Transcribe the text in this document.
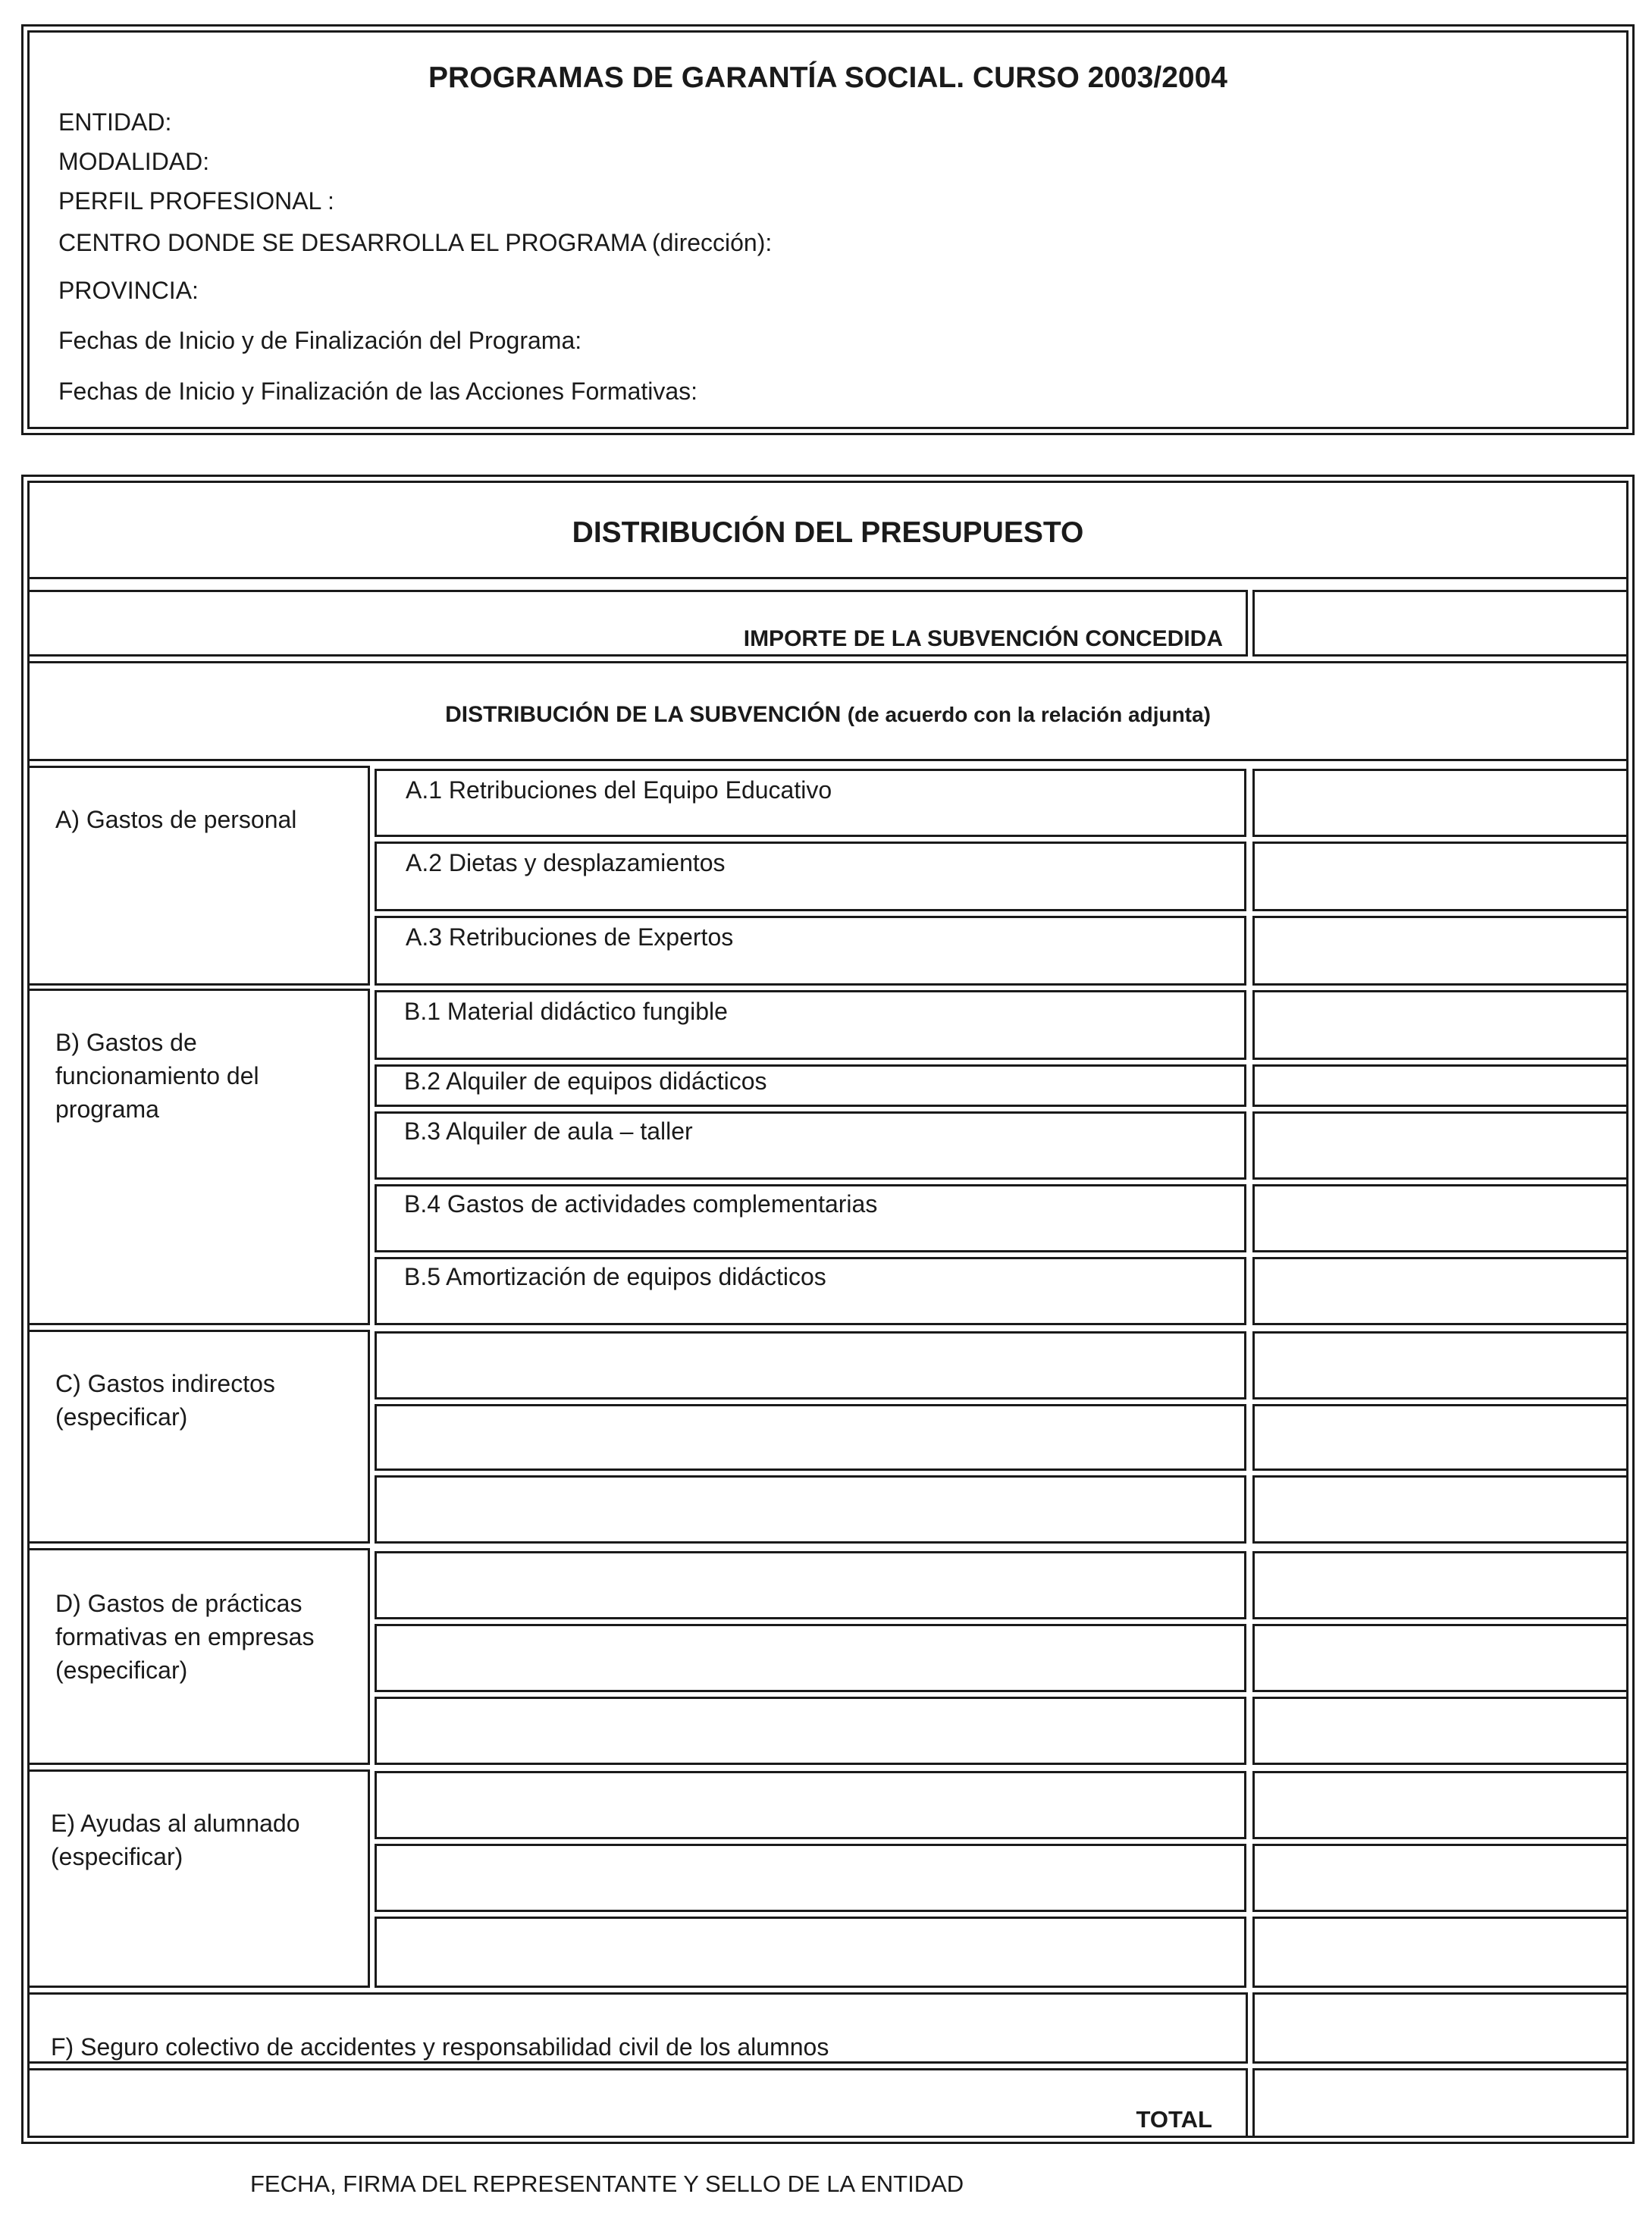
PROGRAMAS DE GARANTÍA SOCIAL. CURSO 2003/2004
ENTIDAD:
MODALIDAD:
PERFIL PROFESIONAL :
CENTRO DONDE SE DESARROLLA EL PROGRAMA (dirección):
PROVINCIA:
Fechas de Inicio y de Finalización del Programa:
Fechas de Inicio y Finalización de las Acciones Formativas:
DISTRIBUCIÓN DEL PRESUPUESTO
IMPORTE DE LA SUBVENCIÓN CONCEDIDA
DISTRIBUCIÓN DE LA SUBVENCIÓN (de acuerdo con la relación adjunta)
A) Gastos de personal
A.1 Retribuciones del Equipo Educativo
A.2 Dietas y desplazamientos
A.3 Retribuciones de Expertos
B) Gastos de funcionamiento del programa
B.1 Material didáctico fungible
B.2 Alquiler de equipos didácticos
B.3 Alquiler de aula – taller
B.4 Gastos de actividades complementarias
B.5 Amortización de equipos didácticos
C) Gastos indirectos (especificar)
D) Gastos de prácticas formativas en empresas (especificar)
E) Ayudas al alumnado (especificar)
F) Seguro colectivo de accidentes y responsabilidad civil de los alumnos
TOTAL
FECHA, FIRMA DEL REPRESENTANTE Y SELLO DE LA ENTIDAD
